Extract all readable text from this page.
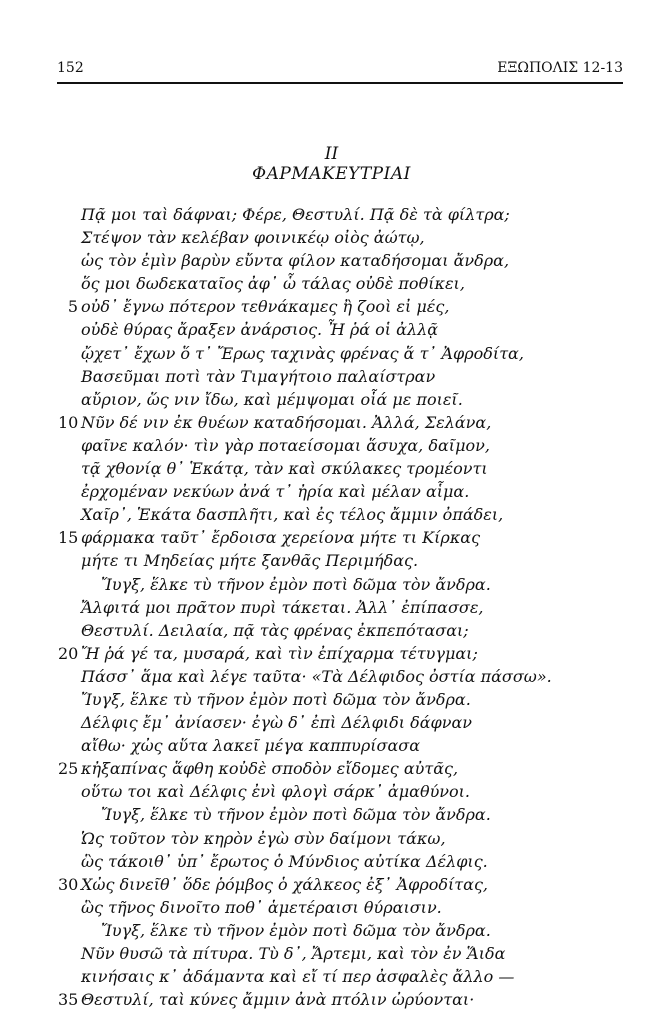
152	ΕΞΩΠΟΛΙΣ 12-13
ΙΙ
ΦΑΡΜΑΚΕΥΤΡΙΑΙ
Πᾷ μοι ταὶ δάφναι; Φέρε, Θεστυλί. Πᾷ δὲ τὰ φίλτρα;
Στέψον τὰν κελέβαν φοινικέῳ οἰὸς ἀώτῳ,
ὡς τὸν ἐμὶν βαρὺν εὔντα φίλον καταδήσομαι ἄνδρα,
ὅς μοι δωδεκαταῖος ἀφ᾽ ὧ τάλας οὐδὲ ποθίκει,
5 οὐδ᾽ ἔγνω πότερον τεθνάκαμες ἢ ζοοὶ εἰ μές,
οὐδὲ θύρας ἄραξεν ἀνάρσιος. Ἦ ῥά οἱ ἀλλᾷ
ᾤχετ᾽ ἔχων ὅ τ᾽ Ἔρως ταχινὰς φρένας ἅ τ᾽ Ἀφροδίτα,
Βασεῦμαι ποτὶ τὰν Τιμαγήτοιο παλαίστραν
αὔριον, ὥς νιν ἴδω, καὶ μέμψομαι οἷά με ποιεῖ.
10 Νῦν δέ νιν ἐκ θυέων καταδήσομαι. Ἀλλά, Σελάνα,
φαῖνε καλόν· τὶν γὰρ ποταείσομαι ἅσυχα, δαῖμον,
τᾷ χθονίᾳ θ᾽ Ἑκάτᾳ, τὰν καὶ σκύλακες τρομέοντι
ἐρχομέναν νεκύων ἀνά τ᾽ ἠρία καὶ μέλαν αἷμα.
Χαῖρ᾽, Ἑκάτα δασπλῆτι, καὶ ἐς τέλος ἄμμιν ὀπάδει,
15 φάρμακα ταῦτ᾽ ἔρδοισα χερείονα μήτε τι Κίρκας
μήτε τι Μηδείας μήτε ξανθᾶς Περιμήδας.
Ἴυγξ, ἕλκε τὺ τῆνον ἐμὸν ποτὶ δῶμα τὸν ἄνδρα.
Ἄλφιτά μοι πρᾶτον πυρὶ τάκεται. Ἀλλ᾽ ἐπίπασσε,
Θεστυλί. Δειλαία, πᾷ τὰς φρένας ἐκπεπότασαι;
20 Ἤ ῥά γέ τα, μυσαρά, καὶ τὶν ἐπίχαρμα τέτυγμαι;
Πάσσ᾽ ἅμα καὶ λέγε ταῦτα· «Τὰ Δέλφιδος ὀστία πάσσω».
Ἴυγξ, ἕλκε τὺ τῆνον ἐμὸν ποτὶ δῶμα τὸν ἄνδρα.
Δέλφις ἔμ᾽ ἀνίασεν· ἐγὼ δ᾽ ἐπὶ Δέλφιδι δάφναν
αἴθω· χὠς αὕτα λακεῖ μέγα καππυρίσασα
25 κἠξαπίνας ἅφθη κοὐδὲ σποδὸν εἴδομες αὐτᾶς,
οὕτω τοι καὶ Δέλφις ἐνὶ φλογὶ σάρκ᾽ ἀμαθύνοι.
Ἴυγξ, ἕλκε τὺ τῆνον ἐμὸν ποτὶ δῶμα τὸν ἄνδρα.
Ὡς τοῦτον τὸν κηρὸν ἐγὼ σὺν δαίμονι τάκω,
ὣς τάκοιθ᾽ ὑπ᾽ ἔρωτος ὁ Μύνδιος αὐτίκα Δέλφις.
30 Χὠς δινεῖθ᾽ ὅδε ῥόμβος ὁ χάλκεος ἐξ᾽ Ἀφροδίτας,
ὣς τῆνος δινοῖτο ποθ᾽ ἁμετέραισι θύραισιν.
Ἴυγξ, ἕλκε τὺ τῆνον ἐμὸν ποτὶ δῶμα τὸν ἄνδρα.
Νῦν θυσῶ τὰ πίτυρα. Τὺ δ᾽, Ἄρτεμι, καὶ τὸν ἐν Ἅιδα
κινήσαις κ᾽ ἀδάμαντα καὶ εἴ τί περ ἀσφαλὲς ἄλλο —
35 Θεστυλί, ταὶ κύνες ἄμμιν ἀνὰ πτόλιν ὠρύονται·
